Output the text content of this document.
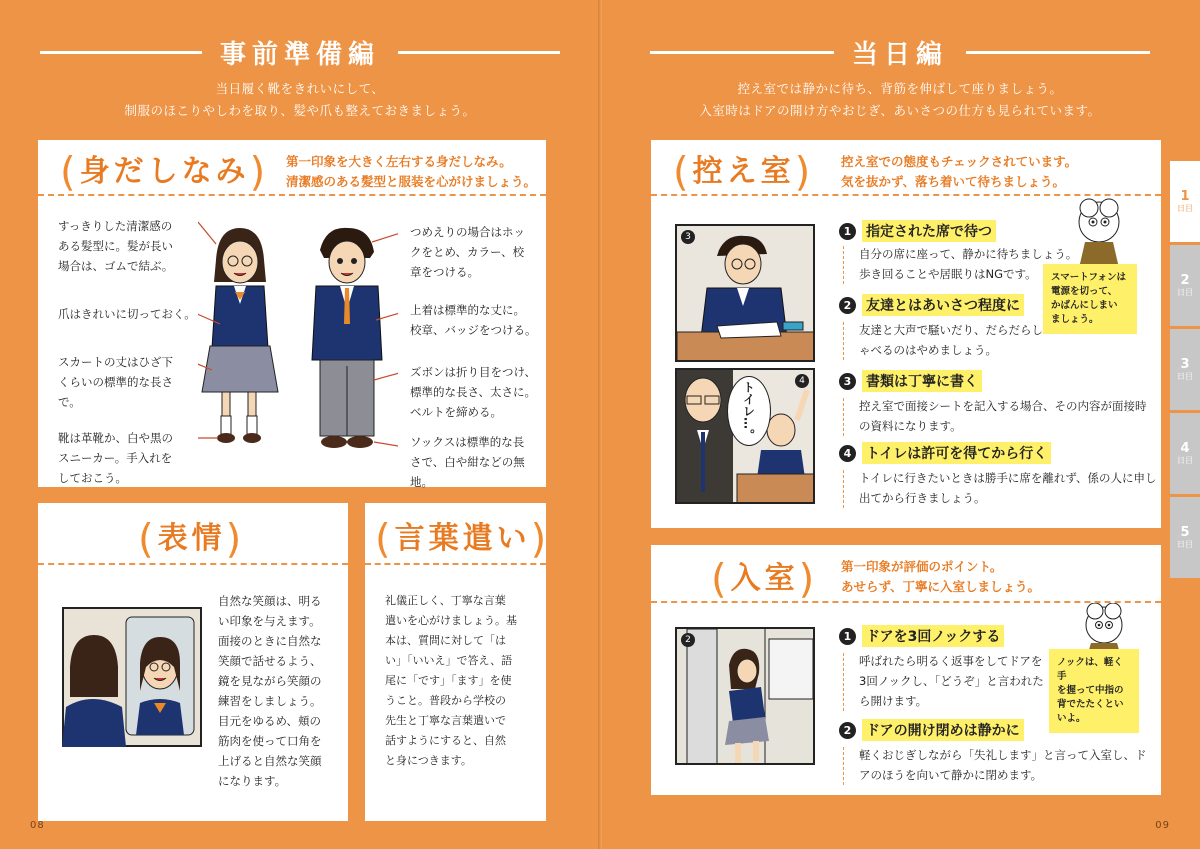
事前準備編
当日履く靴をきれいにして、
制服のほこりやしわを取り、髪や爪も整えておきましょう。
(身だしなみ) 第一印象を大きく左右する身だしなみ。
清潔感のある髪型と服装を心がけましょう。
すっきりした清潔感の
ある髪型に。髪が長い
場合は、ゴムで結ぶ。
爪はきれいに切っておく。
スカートの丈はひざ下
くらいの標準的な長さ
で。
靴は革靴か、白や黒の
スニーカー。手入れを
しておこう。
つめえりの場合はホッ
クをとめ、カラー、校
章をつける。
上着は標準的な丈に。
校章、バッジをつける。
ズボンは折り目をつけ、
標準的な長さ、太さに。
ベルトを締める。
ソックスは標準的な長
さで、白や紺などの無地。
(表情)
自然な笑顔は、明る
い印象を与えます。
面接のときに自然な
笑顔で話せるよう、
鏡を見ながら笑顔の
練習をしましょう。
目元をゆるめ、頬の
筋肉を使って口角を
上げると自然な笑顔
になります。
(言葉遣い)
礼儀正しく、丁寧な言葉
遣いを心がけましょう。基
本は、質問に対して「は
い」「いいえ」で答え、語
尾に「です」「ます」を使
うこと。普段から学校の
先生と丁寧な言葉遣いで
話すようにすると、自然
と身につきます。
08
当日編
控え室では静かに待ち、背筋を伸ばして座りましょう。
入室時はドアの開け方やおじぎ、あいさつの仕方も見られています。
(控え室) 控え室での態度もチェックされています。
気を抜かず、落ち着いて待ちましょう。
3
4
トイレ…。
1	指定された席で待つ
自分の席に座って、静かに待ちましょう。
歩き回ることや居眠りはNGです。
2	友達とはあいさつ程度に
友達と大声で騒いだり、だらだらし
ゃべるのはやめましょう。
3	書類は丁寧に書く
控え室で面接シートを記入する場合、その内容が面接時
の資料になります。
4	トイレは許可を得てから行く
トイレに行きたいときは勝手に席を離れず、係の人に申し
出てから行きましょう。
スマートフォンは
電源を切って、
かばんにしまい
ましょう。
(入室) 第一印象が評価のポイント。
あせらず、丁寧に入室しましょう。
2	1	ドアを3回ノックする
呼ばれたら明るく返事をしてドアを
3回ノックし、「どうぞ」と言われた
ら開けます。
2	ドアの開け閉めは静かに
軽くおじぎしながら「失礼します」と言って入室し、ド
アのほうを向いて静かに閉めます。
ノックは、軽く手
を握って中指の
背でたたくとい
いよ。
1
日目
2
日目
3
日目
4
日目
5
日目
09
